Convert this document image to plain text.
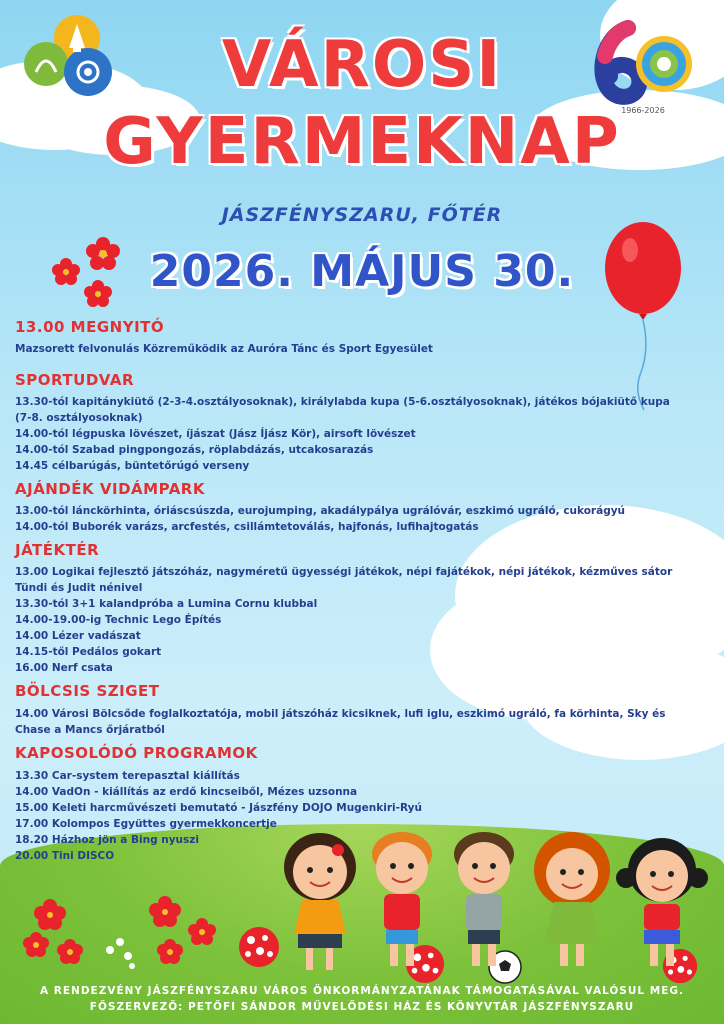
1966-2026
VÁROSI
GYERMEKNAP
JÁSZFÉNYSZARU, FŐTÉR
2026. MÁJUS 30.
13.00 MEGNYITÓ
Mazsorett felvonulás Közreműködik az Auróra Tánc és Sport Egyesület
SPORTUDVAR
13.30-tól kapitánykiütő (2-3-4.osztályosoknak), királylabda kupa (5-6.osztályosoknak), játékos bójakiütő kupa (7-8. osztályosoknak)
14.00-tól légpuska lövészet, íjászat (Jász Íjász Kör), airsoft lövészet
14.00-tól Szabad pingpongozás, röplabdázás, utcakosarazás
14.45 célbarúgás, büntetőrúgó verseny
AJÁNDÉK VIDÁMPARK
13.00-tól lánckörhinta, óriáscsúszda, eurojumping, akadálypálya ugrálóvár, eszkimó ugráló, cukorágyú
14.00-tól Buborék varázs, arcfestés, csillámtetoválás, hajfonás, lufihajtogatás
JÁTÉKTÉR
13.00 Logikai fejlesztő játszóház, nagyméretű ügyességi játékok, népi fajátékok, népi játékok, kézműves sátor
Tündi és Judit nénivel
13.30-tól 3+1 kalandpróba a Lumina Cornu klubbal
14.00-19.00-ig Technic Lego Építés
14.00 Lézer vadászat
14.15-től Pedálos gokart
16.00 Nerf csata
BÖLCSIS SZIGET
14.00 Városi Bölcsőde foglalkoztatója, mobil játszóház kicsiknek, lufi iglu, eszkimó ugráló, fa körhinta, Sky és Chase a Mancs őrjáratból
KAPOSOLÓDÓ PROGRAMOK
13.30 Car-system terepasztal kiállítás
14.00 VadOn - kiállítás az erdő kincseiből, Mézes uzsonna
15.00 Keleti harcművészeti bemutató - Jászfény DOJO Mugenkiri-Ryú
17.00 Kolompos Együttes gyermekkoncertje
18.20 Házhoz jön a Bing nyuszi
20.00 Tini DISCO
A RENDEZVÉNY JÁSZFÉNYSZARU VÁROS ÖNKORMÁNYZATÁNAK TÁMOGATÁSÁVAL VALÓSUL MEG.
FŐSZERVEZŐ: PETŐFI SÁNDOR MŰVELŐDÉSI HÁZ ÉS KÖNYVTÁR JÁSZFÉNYSZARU
